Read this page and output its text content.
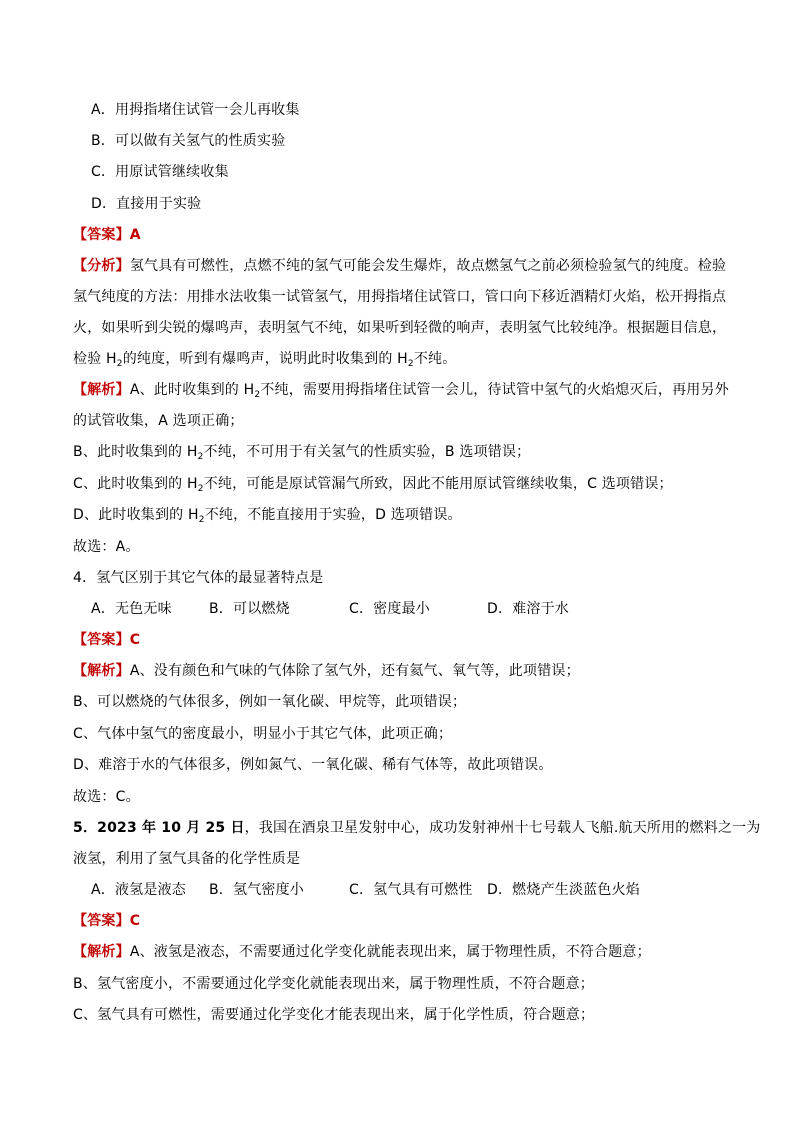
A．用拇指堵住试管一会儿再收集
B．可以做有关氢气的性质实验
C．用原试管继续收集
D．直接用于实验
【答案】A
【分析】氢气具有可燃性，点燃不纯的氢气可能会发生爆炸，故点燃氢气之前必须检验氢气的纯度。检验
氢气纯度的方法：用排水法收集一试管氢气，用拇指堵住试管口，管口向下移近酒精灯火焰，松开拇指点
火，如果听到尖锐的爆鸣声，表明氢气不纯，如果听到轻微的响声，表明氢气比较纯净。根据题目信息，
检验 $H_2$的纯度，听到有爆鸣声，说明此时收集到的 $H_2$不纯。
【解析】A、此时收集到的 $H_2$不纯，需要用拇指堵住试管一会儿，待试管中氢气的火焰熄灭后，再用另外
的试管收集，A 选项正确；
B、此时收集到的 $H_2$不纯，不可用于有关氢气的性质实验，B 选项错误；
C、此时收集到的 $H_2$不纯，可能是原试管漏气所致，因此不能用原试管继续收集，C 选项错误；
D、此时收集到的 $H_2$不纯，不能直接用于实验，D 选项错误。
故选：A。
4．氢气区别于其它气体的最显著特点是
A．无色无味	B．可以燃烧	C．密度最小	D．难溶于水
【答案】C
【解析】A、没有颜色和气味的气体除了氢气外，还有氦气、氧气等，此项错误；
B、可以燃烧的气体很多，例如一氧化碳、甲烷等，此项错误；
C、气体中氢气的密度最小，明显小于其它气体，此项正确；
D、难溶于水的气体很多，例如氮气、一氧化碳、稀有气体等，故此项错误。
故选：C。
5．2023 年 10 月 25 日，我国在酒泉卫星发射中心，成功发射神州十七号载人飞船.航天所用的燃料之一为
液氢，利用了氢气具备的化学性质是
A．液氢是液态 B．氢气密度小	C．氢气具有可燃性 D．燃烧产生淡蓝色火焰
【答案】C
【解析】A、液氢是液态，不需要通过化学变化就能表现出来，属于物理性质，不符合题意；
B、氢气密度小，不需要通过化学变化就能表现出来，属于物理性质，不符合题意；
C、氢气具有可燃性，需要通过化学变化才能表现出来，属于化学性质，符合题意；
